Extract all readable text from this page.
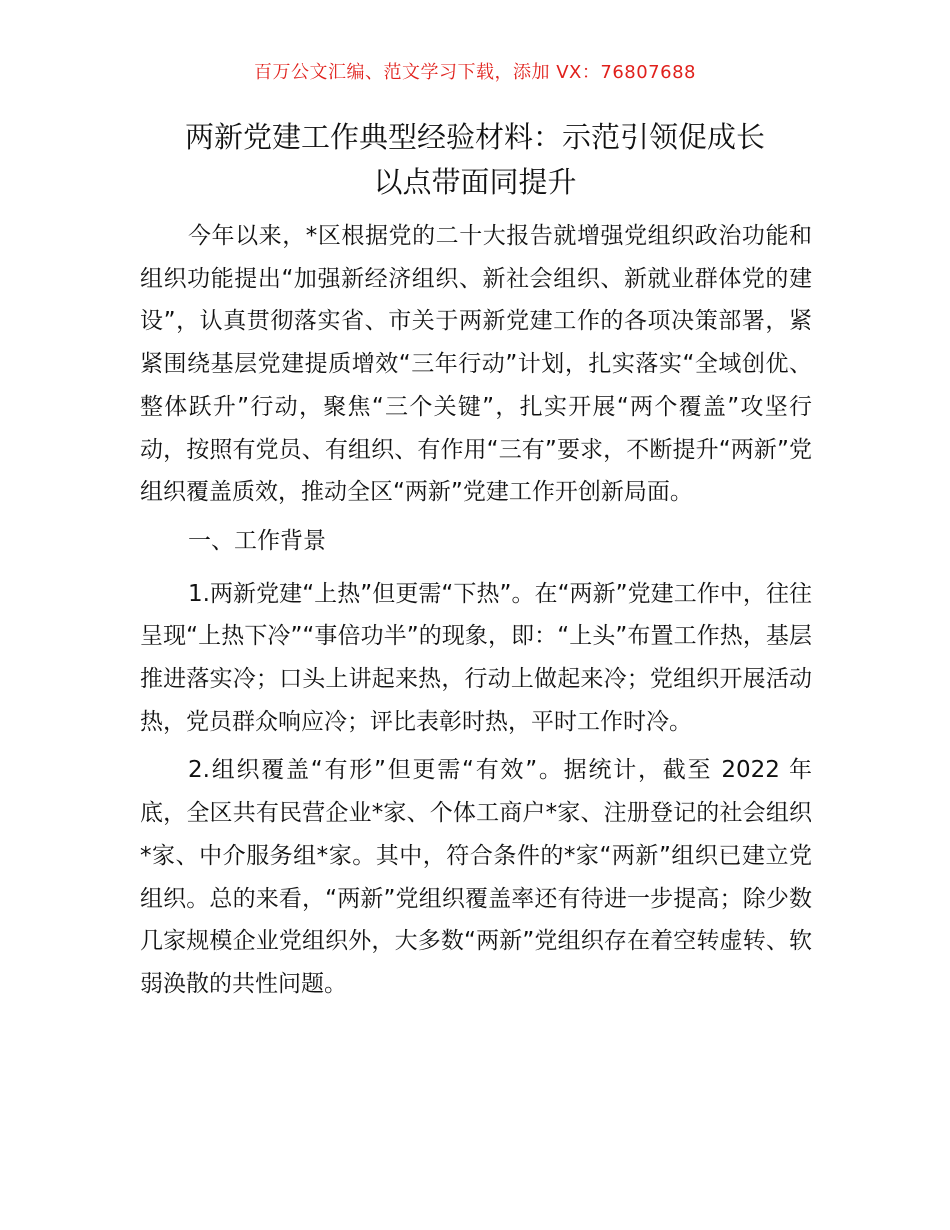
百万公文汇编、范文学习下载，添加 VX：76807688
两新党建工作典型经验材料：示范引领促成长
以点带面同提升

今年以来，*区根据党的二十大报告就增强党组织政治功能和组织功能提出“加强新经济组织、新社会组织、新就业群体党的建设”，认真贯彻落实省、市关于两新党建工作的各项决策部署，紧紧围绕基层党建提质增效“三年行动”计划，扎实落实“全域创优、整体跃升”行动，聚焦“三个关键”，扎实开展“两个覆盖”攻坚行动，按照有党员、有组织、有作用“三有”要求，不断提升“两新”党组织覆盖质效，推动全区“两新”党建工作开创新局面。

一、工作背景

1.两新党建“上热”但更需“下热”。在“两新”党建工作中，往往呈现“上热下冷”“事倍功半”的现象，即：“上头”布置工作热，基层推进落实冷；口头上讲起来热，行动上做起来冷；党组织开展活动热，党员群众响应冷；评比表彰时热，平时工作时冷。

2.组织覆盖“有形”但更需“有效”。据统计，截至 2022 年底，全区共有民营企业*家、个体工商户*家、注册登记的社会组织*家、中介服务组*家。其中，符合条件的*家“两新”组织已建立党组织。总的来看，“两新”党组织覆盖率还有待进一步提高；除少数几家规模企业党组织外，大多数“两新”党组织存在着空转虚转、软弱涣散的共性问题。
